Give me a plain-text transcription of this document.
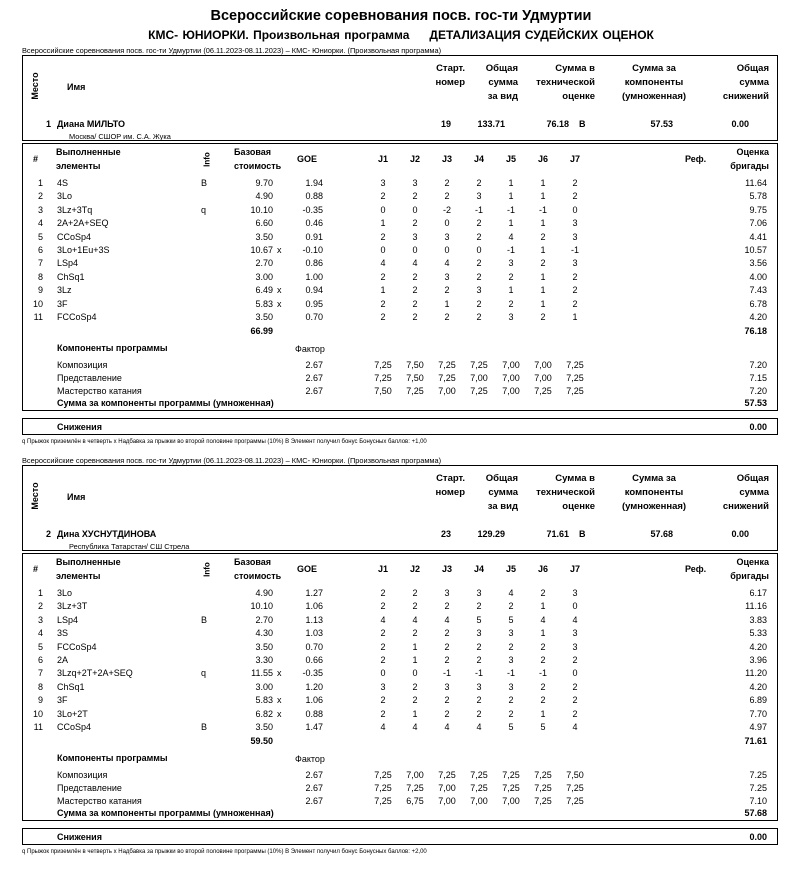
Всероссийские соревнования посв. гос-ти Удмуртии
КМС- ЮНИОРКИ. Произвольная программа ДЕТАЛИЗАЦИЯ СУДЕЙСКИХ ОЦЕНОК
Всероссийские соревнования посв. гос-ти Удмуртии (06.11.2023-08.11.2023) – КМС- Юниорки. (Произвольная программа)
Место	Имя
Старт.
номер
Общая
сумма
за вид
Сумма в
технической
оценке
Сумма за
компоненты
(умноженная)
Общая
сумма
снижений
1 Диана МИЛЬТО
Москва/ СШОР им. С.А. Жука
19	133.71	76.18 B	57.53	0.00
#
Выполненные
элементы	Info
Базовая
стоимость
GOE	J1	J2	J3	J4	J5	J6	J7	Реф.
Оценка
бригады
1 4S	B	9.70	1.94	3	3	2	2	1	1	2	11.64
2 3Lo	4.90	0.88	2	2	2	3	1	1	2	5.78
3 3Lz+3Tq	q	10.10	-0.35	0	0	-2	-1	-1	-1	0	9.75
4 2A+2A+SEQ	6.60	0.46	1	2	0	2	1	1	3	7.06
5 CCoSp4	3.50	0.91	2	3	3	2	4	2	3	4.41
6 3Lo+1Eu+3S	10.67 x	-0.10	0	0	0	0	-1	1	-1	10.57
7 LSp4	2.70	0.86	4	4	4	2	3	2	3	3.56
8 ChSq1	3.00	1.00	2	2	3	2	2	1	2	4.00
9 3Lz	6.49 x	0.94	1	2	2	3	1	1	2	7.43
10 3F	5.83 x	0.95	2	2	1	2	2	1	2	6.78
11 FCCoSp4	3.50	0.70	2	2	2	2	3	2	1	4.20
66.99	76.18
Компоненты программы	Фактор
Композиция	2.67	7,25	7,50	7,25	7,25	7,00	7,00	7,25	7.20
Представление	2.67	7,25	7,50	7,25	7,00	7,00	7,00	7,25	7.15
Мастерство катания	2.67	7,50	7,25	7,00	7,25	7,00	7,25	7,25	7.20
Сумма за компоненты программы (умноженная)	57.53
Снижения	0.00
q Прыжок приземлён в четверть x Надбавка за прыжки во второй половине программы (10%) B Элемент получил бонус Бонусных баллов: +1,00
Всероссийские соревнования посв. гос-ти Удмуртии (06.11.2023-08.11.2023) – КМС- Юниорки. (Произвольная программа)
Место	Имя
Старт.
номер
Общая
сумма
за вид
Сумма в
технической
оценке
Сумма за
компоненты
(умноженная)
Общая
сумма
снижений
2 Дина ХУСНУТДИНОВА
Республика Татарстан/ СШ Стрела
23	129.29	71.61 B	57.68	0.00
#
Выполненные
элементы	Info
Базовая
стоимость
GOE	J1	J2	J3	J4	J5	J6	J7	Реф.
Оценка
бригады
1 3Lo	4.90	1.27	2	2	3	3	4	2	3	6.17
2 3Lz+3T	10.10	1.06	2	2	2	2	2	1	0	11.16
3 LSp4	B	2.70	1.13	4	4	4	5	5	4	4	3.83
4 3S	4.30	1.03	2	2	2	3	3	1	3	5.33
5 FCCoSp4	3.50	0.70	2	1	2	2	2	2	3	4.20
6 2A	3.30	0.66	2	1	2	2	3	2	2	3.96
7 3Lzq+2T+2A+SEQ	q	11.55 x	-0.35	0	0	-1	-1	-1	-1	0	11.20
8 ChSq1	3.00	1.20	3	2	3	3	3	2	2	4.20
9 3F	5.83 x	1.06	2	2	2	2	2	2	2	6.89
10 3Lo+2T	6.82 x	0.88	2	1	2	2	2	1	2	7.70
11 CCoSp4	B	3.50	1.47	4	4	4	4	5	5	4	4.97
59.50	71.61
Компоненты программы	Фактор
Композиция	2.67	7,25	7,00	7,25	7,25	7,25	7,25	7,50	7.25
Представление	2.67	7,25	7,25	7,00	7,25	7,25	7,25	7,25	7.25
Мастерство катания	2.67	7,25	6,75	7,00	7,00	7,00	7,25	7,25	7.10
Сумма за компоненты программы (умноженная)	57.68
Снижения	0.00
q Прыжок приземлён в четверть x Надбавка за прыжки во второй половине программы (10%) B Элемент получил бонус Бонусных баллов: +2,00
